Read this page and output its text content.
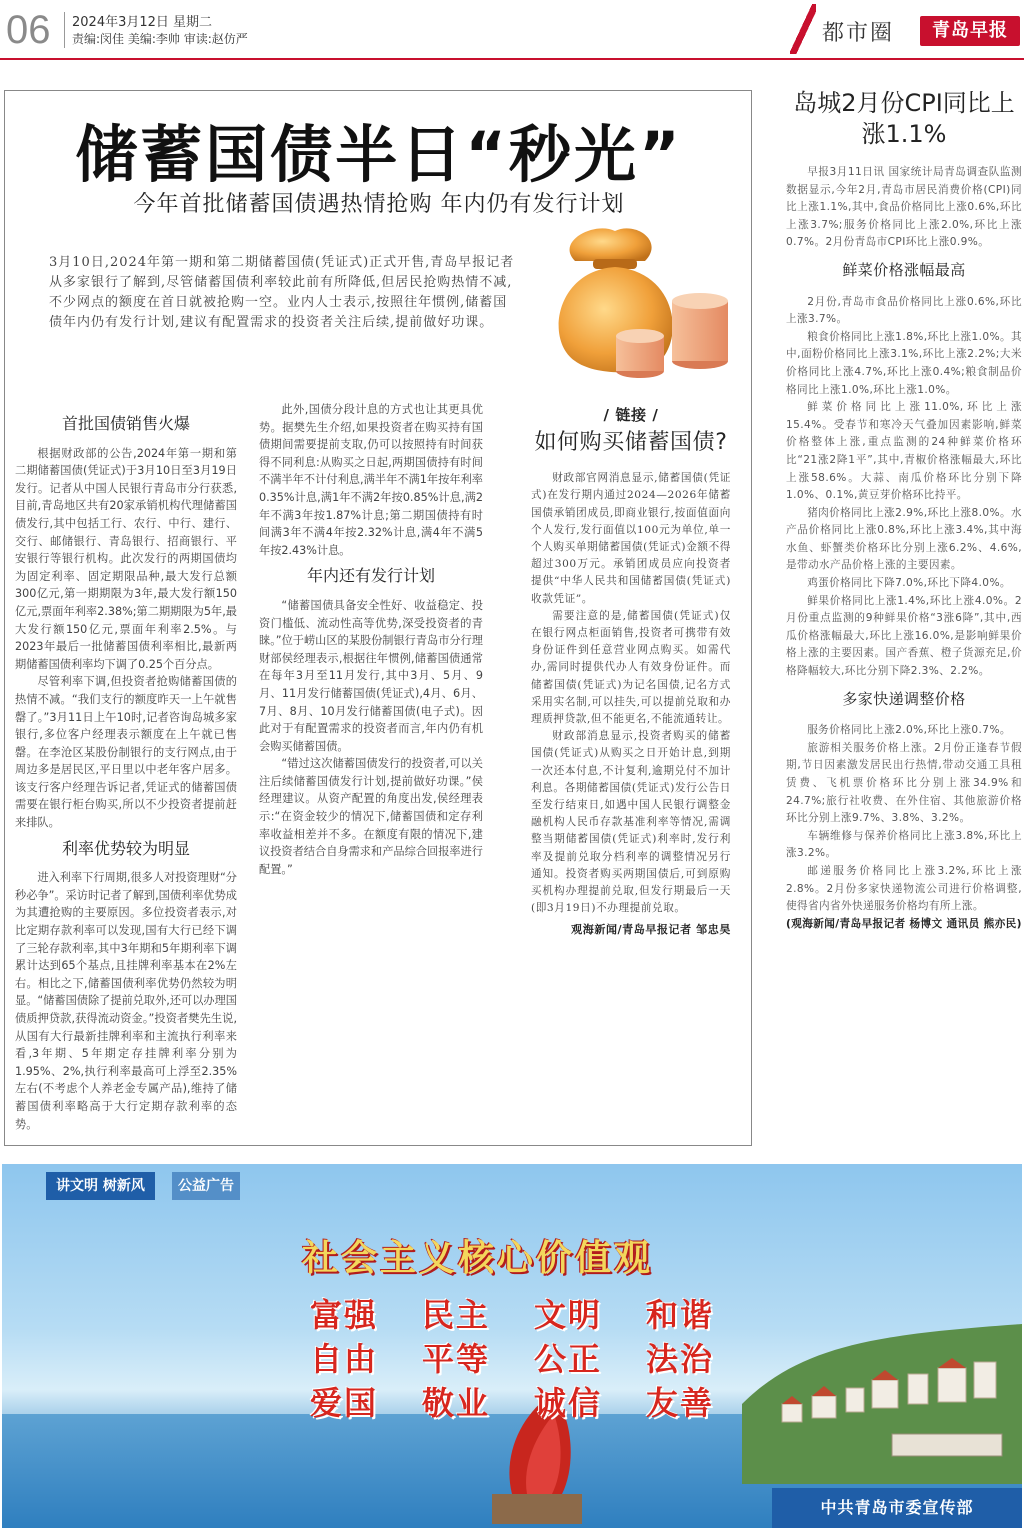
06 2024年3月12日 星期二
责编:闵佳 美编:李帅 审读:赵仿严	都市圈	青岛早报
储蓄国债半日“秒光”
今年首批储蓄国债遇热情抢购 年内仍有发行计划
3月10日,2024年第一期和第二期储蓄国债(凭证式)正式开售,青岛早报记者从多家银行了解到,尽管储蓄国债利率较此前有所降低,但居民抢购热情不减,不少网点的额度在首日就被抢购一空。业内人士表示,按照往年惯例,储蓄国债年内仍有发行计划,建议有配置需求的投资者关注后续,提前做好功课。
首批国债销售火爆

根据财政部的公告,2024年第一期和第二期储蓄国债(凭证式)于3月10日至3月19日发行。记者从中国人民银行青岛市分行获悉,目前,青岛地区共有20家承销机构代理储蓄国债发行,其中包括工行、农行、中行、建行、交行、邮储银行、青岛银行、招商银行、平安银行等银行机构。此次发行的两期国债均为固定利率、固定期限品种,最大发行总额300亿元,第一期期限为3年,最大发行额150亿元,票面年利率2.38%;第二期期限为5年,最大发行额150亿元,票面年利率2.5%。与2023年最后一批储蓄国债利率相比,最新两期储蓄国债利率均下调了0.25个百分点。

尽管利率下调,但投资者抢购储蓄国债的热情不减。“我们支行的额度昨天一上午就售罄了。”3月11日上午10时,记者咨询岛城多家银行,多位客户经理表示额度在上午就已售罄。在李沧区某股份制银行的支行网点,由于周边多是居民区,平日里以中老年客户居多。该支行客户经理告诉记者,凭证式的储蓄国债需要在银行柜台购买,所以不少投资者提前赶来排队。

利率优势较为明显

进入利率下行周期,很多人对投资理财“分秒必争”。采访时记者了解到,国债利率优势成为其遭抢购的主要原因。多位投资者表示,对比定期存款利率可以发现,国有大行已经下调了三轮存款利率,其中3年期和5年期利率下调累计达到65个基点,且挂牌利率基本在2%左右。相比之下,储蓄国债利率优势仍然较为明显。“储蓄国债除了提前兑取外,还可以办理国债质押贷款,获得流动资金。”投资者樊先生说,从国有大行最新挂牌利率和主流执行利率来看,3年期、5年期定存挂牌利率分别为1.95%、2%,执行利率最高可上浮至2.35%左右(不考虑个人养老金专属产品),维持了储蓄国债利率略高于大行定期存款利率的态势。

此外,国债分段计息的方式也让其更具优势。据樊先生介绍,如果投资者在购买持有国债期间需要提前支取,仍可以按照持有时间获得不同利息:从购买之日起,两期国债持有时间不满半年不计付利息,满半年不满1年按年利率0.35%计息,满1年不满2年按0.85%计息,满2年不满3年按1.87%计息;第二期国债持有时间满3年不满4年按2.32%计息,满4年不满5年按2.43%计息。

年内还有发行计划

“储蓄国债具备安全性好、收益稳定、投资门槛低、流动性高等优势,深受投资者的青睐。”位于崂山区的某股份制银行青岛市分行理财部侯经理表示,根据往年惯例,储蓄国债通常在每年3月至11月发行,其中3月、5月、9月、11月发行储蓄国债(凭证式),4月、6月、7月、8月、10月发行储蓄国债(电子式)。因此对于有配置需求的投资者而言,年内仍有机会购买储蓄国债。

“错过这次储蓄国债发行的投资者,可以关注后续储蓄国债发行计划,提前做好功课。”侯经理建议。从资产配置的角度出发,侯经理表示:“在资金较少的情况下,储蓄国债和定存利率收益相差并不多。在额度有限的情况下,建议投资者结合自身需求和产品综合回报率进行配置。”

/ 链接 /
如何购买储蓄国债?

财政部官网消息显示,储蓄国债(凭证式)在发行期内通过2024—2026年储蓄国债承销团成员,即商业银行,按面值面向个人发行,发行面值以100元为单位,单一个人购买单期储蓄国债(凭证式)金额不得超过300万元。承销团成员应向投资者提供“中华人民共和国储蓄国债(凭证式)收款凭证”。

需要注意的是,储蓄国债(凭证式)仅在银行网点柜面销售,投资者可携带有效身份证件到任意营业网点购买。如需代办,需同时提供代办人有效身份证件。而储蓄国债(凭证式)为记名国债,记名方式采用实名制,可以挂失,可以提前兑取和办理质押贷款,但不能更名,不能流通转让。

财政部消息显示,投资者购买的储蓄国债(凭证式)从购买之日开始计息,到期一次还本付息,不计复利,逾期兑付不加计利息。各期储蓄国债(凭证式)发行公告日至发行结束日,如遇中国人民银行调整金融机构人民币存款基准利率等情况,需调整当期储蓄国债(凭证式)利率时,发行利率及提前兑取分档利率的调整情况另行通知。投资者购买两期国债后,可到原购买机构办理提前兑取,但发行期最后一天(即3月19日)不办理提前兑取。

观海新闻/青岛早报记者 邹忠昊

岛城2月份CPI同比上涨1.1%

早报3月11日讯 国家统计局青岛调查队监测数据显示,今年2月,青岛市居民消费价格(CPI)同比上涨1.1%,其中,食品价格同比上涨0.6%,环比上涨3.7%;服务价格同比上涨2.0%,环比上涨0.7%。2月份青岛市CPI环比上涨0.9%。

鲜菜价格涨幅最高

2月份,青岛市食品价格同比上涨0.6%,环比上涨3.7%。

粮食价格同比上涨1.8%,环比上涨1.0%。其中,面粉价格同比上涨3.1%,环比上涨2.2%;大米价格同比上涨4.7%,环比上涨0.4%;粮食制品价格同比上涨1.0%,环比上涨1.0%。

鲜菜价格同比上涨11.0%,环比上涨15.4%。受春节和寒冷天气叠加因素影响,鲜菜价格整体上涨,重点监测的24种鲜菜价格环比“21涨2降1平”,其中,青椒价格涨幅最大,环比上涨58.6%。大蒜、南瓜价格环比分别下降1.0%、0.1%,黄豆芽价格环比持平。

猪肉价格同比上涨2.9%,环比上涨8.0%。水产品价格同比上涨0.8%,环比上涨3.4%,其中海水鱼、虾蟹类价格环比分别上涨6.2%、4.6%,是带动水产品价格上涨的主要因素。

鸡蛋价格同比下降7.0%,环比下降4.0%。

鲜果价格同比上涨1.4%,环比上涨4.0%。2月份重点监测的9种鲜果价格“3涨6降”,其中,西瓜价格涨幅最大,环比上涨16.0%,是影响鲜果价格上涨的主要因素。国产香蕉、橙子货源充足,价格降幅较大,环比分别下降2.3%、2.2%。

多家快递调整价格

服务价格同比上涨2.0%,环比上涨0.7%。

旅游相关服务价格上涨。2月份正逢春节假期,节日因素激发居民出行热情,带动交通工具租赁费、飞机票价格环比分别上涨34.9%和24.7%;旅行社收费、在外住宿、其他旅游价格环比分别上涨9.7%、3.8%、3.2%。

车辆维修与保养价格同比上涨3.8%,环比上涨3.2%。

邮递服务价格同比上涨3.2%,环比上涨2.8%。2月份多家快递物流公司进行价格调整,使得省内省外快递服务价格均有所上涨。

(观海新闻/青岛早报记者 杨博文 通讯员 熊亦民)

讲文明 树新风	公益广告
社会主义核心价值观
富强 民主 文明 和谐
自由 平等 公正 法治
爱国 敬业 诚信 友善
中共青岛市委宣传部
